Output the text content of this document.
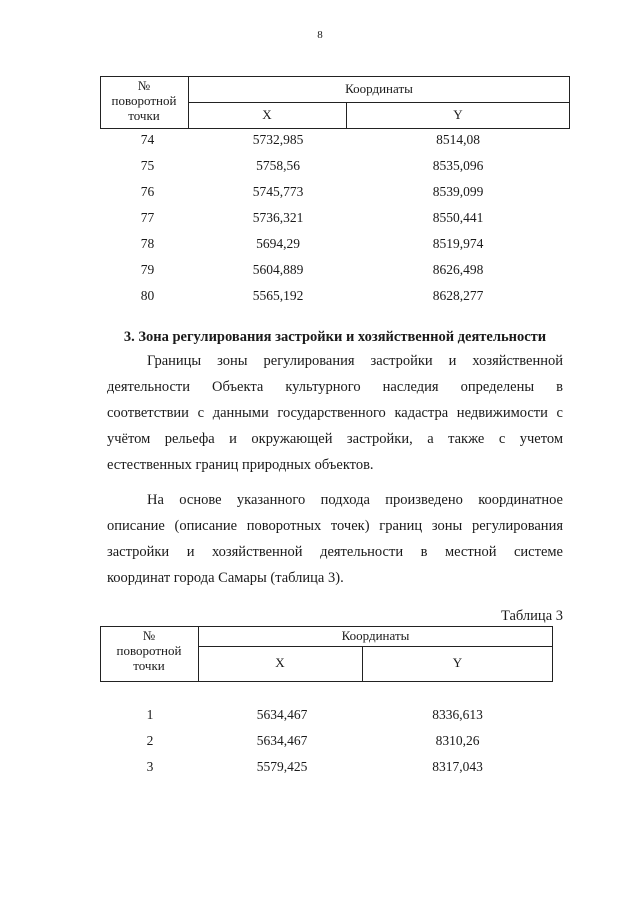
8
№
поворотной
точки
Координаты
X	Y
74	5732,985	8514,08
75	5758,56	8535,096
76	5745,773	8539,099
77	5736,321	8550,441
78	5694,29	8519,974
79	5604,889	8626,498
80	5565,192	8628,277
3. Зона регулирования застройки и хозяйственной деятельности
Границы зоны регулирования застройки и хозяйственной
деятельности Объекта культурного наследия определены в
соответствии с данными государственного кадастра недвижимости с
учётом рельефа и окружающей застройки, а также с учетом
естественных границ природных объектов.
На основе указанного подхода произведено координатное
описание (описание поворотных точек) границ зоны регулирования
застройки и хозяйственной деятельности в местной системе
координат города Самары (таблица 3).
Таблица 3
№
поворотной
точки
Координаты
X	Y
1	5634,467	8336,613
2	5634,467	8310,26
3	5579,425	8317,043
